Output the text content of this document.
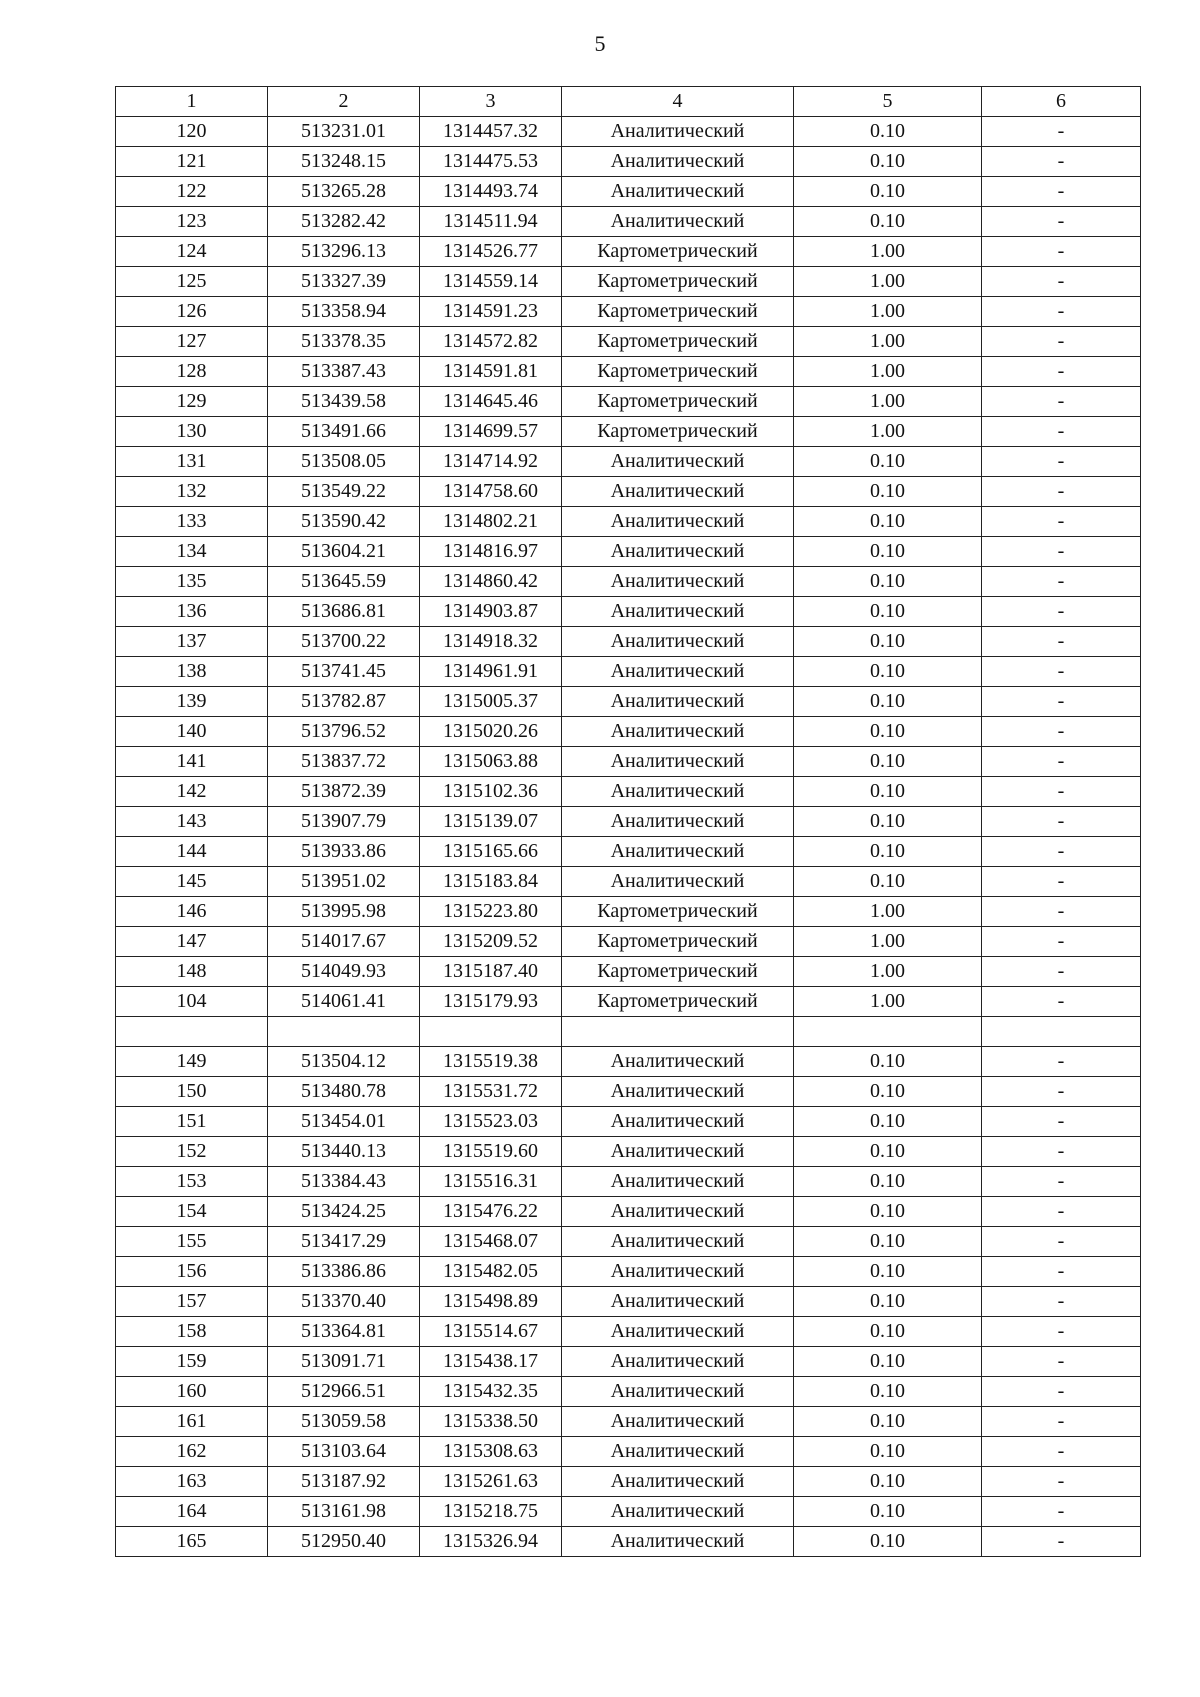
5
1	2	3	4	5	6
120	513231.01	1314457.32	Аналитический	0.10	-
121	513248.15	1314475.53	Аналитический	0.10	-
122	513265.28	1314493.74	Аналитический	0.10	-
123	513282.42	1314511.94	Аналитический	0.10	-
124	513296.13	1314526.77	Картометрический	1.00	-
125	513327.39	1314559.14	Картометрический	1.00	-
126	513358.94	1314591.23	Картометрический	1.00	-
127	513378.35	1314572.82	Картометрический	1.00	-
128	513387.43	1314591.81	Картометрический	1.00	-
129	513439.58	1314645.46	Картометрический	1.00	-
130	513491.66	1314699.57	Картометрический	1.00	-
131	513508.05	1314714.92	Аналитический	0.10	-
132	513549.22	1314758.60	Аналитический	0.10	-
133	513590.42	1314802.21	Аналитический	0.10	-
134	513604.21	1314816.97	Аналитический	0.10	-
135	513645.59	1314860.42	Аналитический	0.10	-
136	513686.81	1314903.87	Аналитический	0.10	-
137	513700.22	1314918.32	Аналитический	0.10	-
138	513741.45	1314961.91	Аналитический	0.10	-
139	513782.87	1315005.37	Аналитический	0.10	-
140	513796.52	1315020.26	Аналитический	0.10	-
141	513837.72	1315063.88	Аналитический	0.10	-
142	513872.39	1315102.36	Аналитический	0.10	-
143	513907.79	1315139.07	Аналитический	0.10	-
144	513933.86	1315165.66	Аналитический	0.10	-
145	513951.02	1315183.84	Аналитический	0.10	-
146	513995.98	1315223.80	Картометрический	1.00	-
147	514017.67	1315209.52	Картометрический	1.00	-
148	514049.93	1315187.40	Картометрический	1.00	-
104	514061.41	1315179.93	Картометрический	1.00	-

149	513504.12	1315519.38	Аналитический	0.10	-
150	513480.78	1315531.72	Аналитический	0.10	-
151	513454.01	1315523.03	Аналитический	0.10	-
152	513440.13	1315519.60	Аналитический	0.10	-
153	513384.43	1315516.31	Аналитический	0.10	-
154	513424.25	1315476.22	Аналитический	0.10	-
155	513417.29	1315468.07	Аналитический	0.10	-
156	513386.86	1315482.05	Аналитический	0.10	-
157	513370.40	1315498.89	Аналитический	0.10	-
158	513364.81	1315514.67	Аналитический	0.10	-
159	513091.71	1315438.17	Аналитический	0.10	-
160	512966.51	1315432.35	Аналитический	0.10	-
161	513059.58	1315338.50	Аналитический	0.10	-
162	513103.64	1315308.63	Аналитический	0.10	-
163	513187.92	1315261.63	Аналитический	0.10	-
164	513161.98	1315218.75	Аналитический	0.10	-
165	512950.40	1315326.94	Аналитический	0.10	-
